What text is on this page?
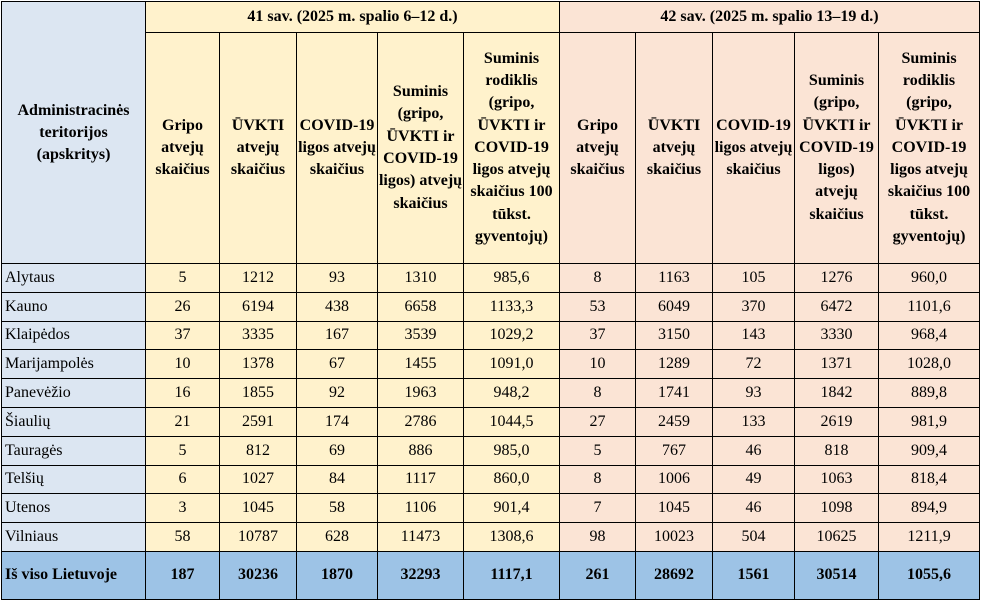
Administracinės teritorijos (apskritys)	41 sav. (2025 m. spalio 6–12 d.)					42 sav. (2025 m. spalio 13–19 d.)				
	Gripo atvejų skaičius	ŪVKTI atvejų skaičius	COVID-19 ligos atvejų skaičius	Suminis (gripo, ŪVKTI ir COVID-19 ligos) atvejų skaičius	Suminis rodiklis (gripo, ŪVKTI ir COVID-19 ligos atvejų skaičius 100 tūkst. gyventojų)	Gripo atvejų skaičius	ŪVKTI atvejų skaičius	COVID-19 ligos atvejų skaičius	Suminis (gripo, ŪVKTI ir COVID-19 ligos) atvejų skaičius	Suminis rodiklis (gripo, ŪVKTI ir COVID-19 ligos atvejų skaičius 100 tūkst. gyventojų)
Alytaus	5	1212	93	1310	985,6	8	1163	105	1276	960,0
Kauno	26	6194	438	6658	1133,3	53	6049	370	6472	1101,6
Klaipėdos	37	3335	167	3539	1029,2	37	3150	143	3330	968,4
Marijampolės	10	1378	67	1455	1091,0	10	1289	72	1371	1028,0
Panevėžio	16	1855	92	1963	948,2	8	1741	93	1842	889,8
Šiaulių	21	2591	174	2786	1044,5	27	2459	133	2619	981,9
Tauragės	5	812	69	886	985,0	5	767	46	818	909,4
Telšių	6	1027	84	1117	860,0	8	1006	49	1063	818,4
Utenos	3	1045	58	1106	901,4	7	1045	46	1098	894,9
Vilniaus	58	10787	628	11473	1308,6	98	10023	504	10625	1211,9
Iš viso Lietuvoje	187	30236	1870	32293	1117,1	261	28692	1561	30514	1055,6
